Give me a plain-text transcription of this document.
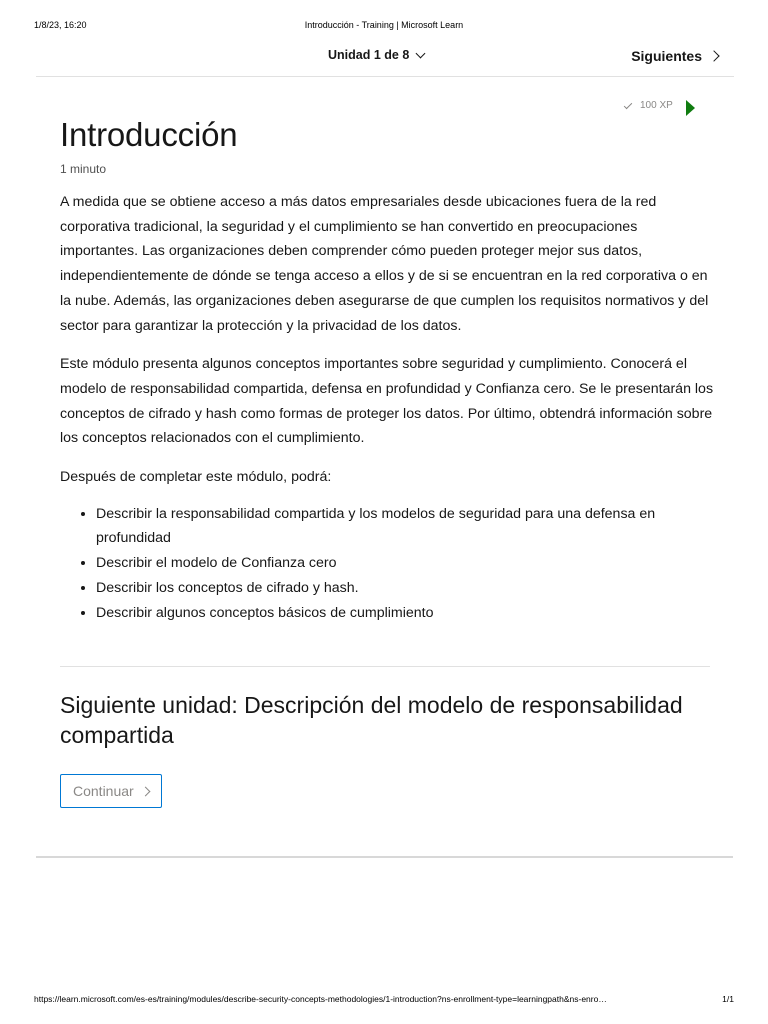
1/8/23, 16:20	Introducción - Training | Microsoft Learn
Unidad 1 de 8	Siguientes
100 XP
Introducción
1 minuto

A medida que se obtiene acceso a más datos empresariales desde ubicaciones fuera de la red corporativa tradicional, la seguridad y el cumplimiento se han convertido en preocupaciones importantes. Las organizaciones deben comprender cómo pueden proteger mejor sus datos, independientemente de dónde se tenga acceso a ellos y de si se encuentran en la red corporativa o en la nube. Además, las organizaciones deben asegurarse de que cumplen los requisitos normativos y del sector para garantizar la protección y la privacidad de los datos.

Este módulo presenta algunos conceptos importantes sobre seguridad y cumplimiento. Conocerá el modelo de responsabilidad compartida, defensa en profundidad y Confianza cero. Se le presentarán los conceptos de cifrado y hash como formas de proteger los datos. Por último, obtendrá información sobre los conceptos relacionados con el cumplimiento.

Después de completar este módulo, podrá:

• Describir la responsabilidad compartida y los modelos de seguridad para una defensa en profundidad
• Describir el modelo de Confianza cero
• Describir los conceptos de cifrado y hash.
• Describir algunos conceptos básicos de cumplimiento
Siguiente unidad: Descripción del modelo de responsabilidad compartida
Continuar
https://learn.microsoft.com/es-es/training/modules/describe-security-concepts-methodologies/1-introduction?ns-enrollment-type=learningpath&ns-enro…	1/1
